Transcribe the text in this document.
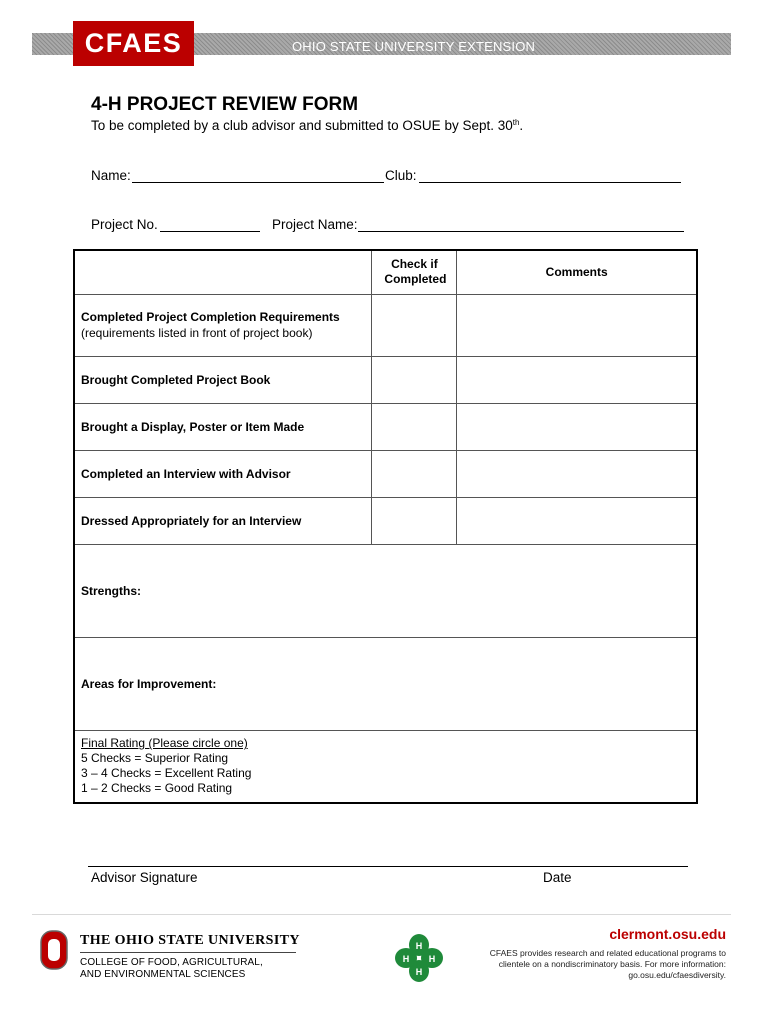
OHIO STATE UNIVERSITY EXTENSION
CFAES
4-H PROJECT REVIEW FORM
To be completed by a club advisor and submitted to OSUE by Sept. 30th.
Name:	Club:
Project No.	Project Name:

	Check if Completed	Comments
Completed Project Completion Requirements
(requirements listed in front of project book)		

Brought Completed Project Book		
Brought a Display, Poster or Item Made		
Completed an Interview with Advisor		
Dressed Appropriately for an Interview		
Strengths:		
Areas for Improvement:		

Final Rating (Please circle one)
5 Checks = Superior Rating
3 – 4 Checks = Excellent Rating
1 – 2 Checks = Good Rating		
Advisor Signature	Date
THE OHIO STATE UNIVERSITY
COLLEGE OF FOOD, AGRICULTURAL,
AND ENVIRONMENTAL SCIENCES
H
H
H
H
clermont.osu.edu
CFAES provides research and related educational programs to clientele on a nondiscriminatory basis. For more information: go.osu.edu/cfaesdiversity.
